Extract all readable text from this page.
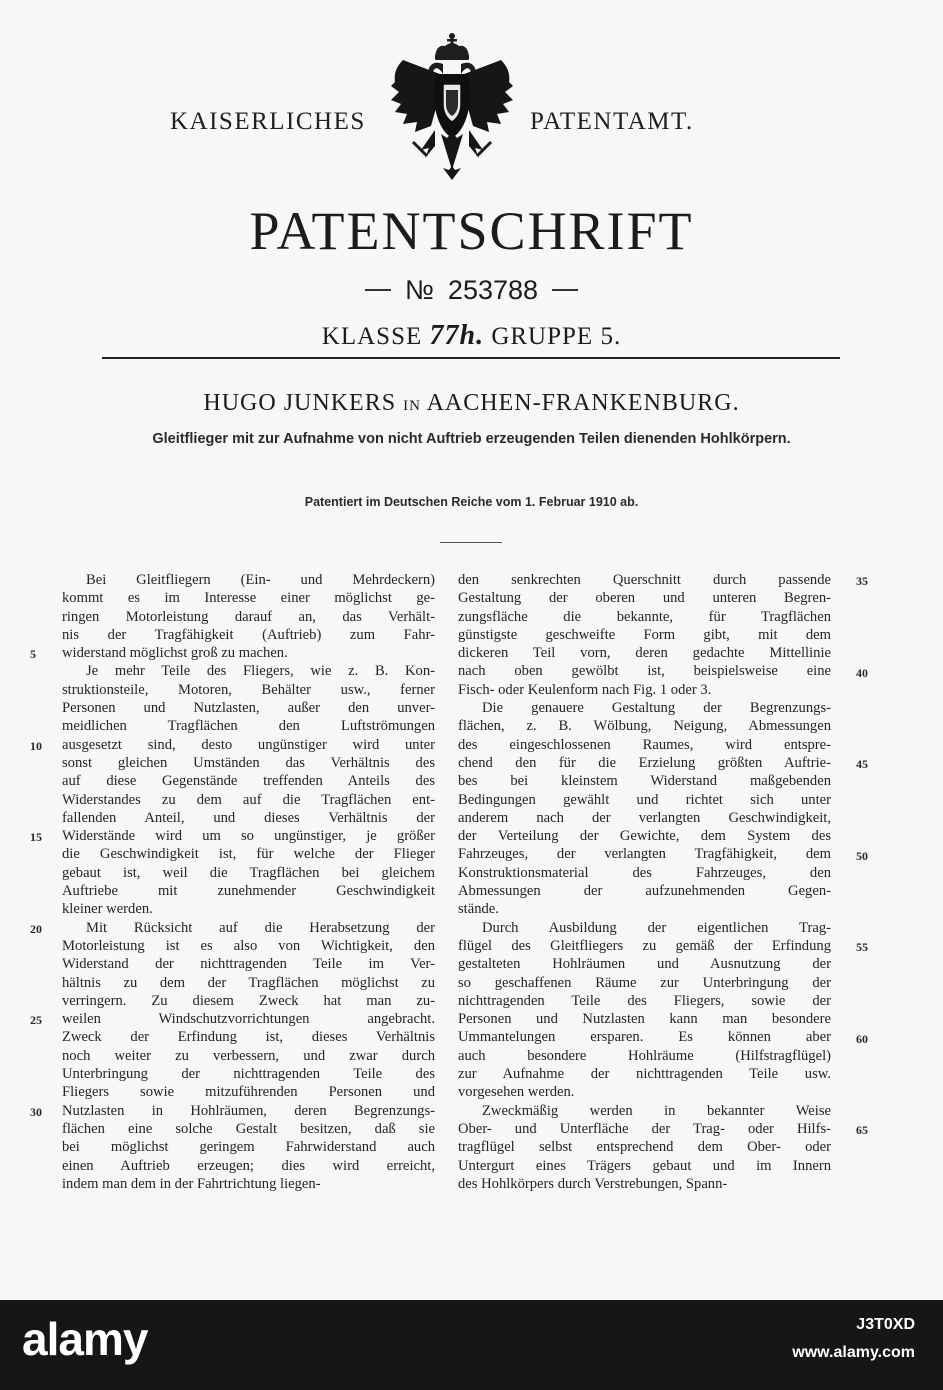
KAISERLICHES	PATENTAMT.
PATENTSCHRIFT
№ 253788
KLASSE 77h. GRUPPE 5.
HUGO JUNKERS IN AACHEN-FRANKENBURG.
Gleitflieger mit zur Aufnahme von nicht Auftrieb erzeugenden Teilen dienenden Hohlkörpern.
Patentiert im Deutschen Reiche vom 1. Februar 1910 ab.
Bei Gleitfliegern (Ein- und Mehrdeckern)
kommt es im Interesse einer möglichst ge-
ringen Motorleistung darauf an, das Verhält-
nis der Tragfähigkeit (Auftrieb) zum Fahr-
widerstand möglichst groß zu machen.
Je mehr Teile des Fliegers, wie z. B. Kon-
struktionsteile, Motoren, Behälter usw., ferner
Personen und Nutzlasten, außer den unver-
meidlichen Tragflächen den Luftströmungen
ausgesetzt sind, desto ungünstiger wird unter
sonst gleichen Umständen das Verhältnis des
auf diese Gegenstände treffenden Anteils des
Widerstandes zu dem auf die Tragflächen ent-
fallenden Anteil, und dieses Verhältnis der
Widerstände wird um so ungünstiger, je größer
die Geschwindigkeit ist, für welche der Flieger
gebaut ist, weil die Tragflächen bei gleichem
Auftriebe mit zunehmender Geschwindigkeit
kleiner werden.
Mit Rücksicht auf die Herabsetzung der
Motorleistung ist es also von Wichtigkeit, den
Widerstand der nichttragenden Teile im Ver-
hältnis zu dem der Tragflächen möglichst zu
verringern. Zu diesem Zweck hat man zu-
weilen Windschutzvorrichtungen angebracht.
Zweck der Erfindung ist, dieses Verhältnis
noch weiter zu verbessern, und zwar durch
Unterbringung der nichttragenden Teile des
Fliegers sowie mitzuführenden Personen und
Nutzlasten in Hohlräumen, deren Begrenzungs-
flächen eine solche Gestalt besitzen, daß sie
bei möglichst geringem Fahrwiderstand auch
einen Auftrieb erzeugen; dies wird erreicht,
indem man dem in der Fahrtrichtung liegen-
den senkrechten Querschnitt durch passende
Gestaltung der oberen und unteren Begren-
zungsfläche die bekannte, für Tragflächen
günstigste geschweifte Form gibt, mit dem
dickeren Teil vorn, deren gedachte Mittellinie
nach oben gewölbt ist, beispielsweise eine
Fisch- oder Keulenform nach Fig. 1 oder 3.
Die genauere Gestaltung der Begrenzungs-
flächen, z. B. Wölbung, Neigung, Abmessungen
des eingeschlossenen Raumes, wird entspre-
chend den für die Erzielung größten Auftrie-
bes bei kleinstem Widerstand maßgebenden
Bedingungen gewählt und richtet sich unter
anderem nach der verlangten Geschwindigkeit,
der Verteilung der Gewichte, dem System des
Fahrzeuges, der verlangten Tragfähigkeit, dem
Konstruktionsmaterial des Fahrzeuges, den
Abmessungen der aufzunehmenden Gegen-
stände.
Durch Ausbildung der eigentlichen Trag-
flügel des Gleitfliegers zu gemäß der Erfindung
gestalteten Hohlräumen und Ausnutzung der
so geschaffenen Räume zur Unterbringung der
nichttragenden Teile des Fliegers, sowie der
Personen und Nutzlasten kann man besondere
Ummantelungen ersparen. Es können aber
auch besondere Hohlräume (Hilfstragflügel)
zur Aufnahme der nichttragenden Teile usw.
vorgesehen werden.
Zweckmäßig werden in bekannter Weise
Ober- und Unterfläche der Trag- oder Hilfs-
tragflügel selbst entsprechend dem Ober- oder
Untergurt eines Trägers gebaut und im Innern
des Hohlkörpers durch Verstrebungen, Spann-
5
10
15
20
25
30
35
40
45
50
55
60
65
alamy	J3T0XD
www.alamy.com
